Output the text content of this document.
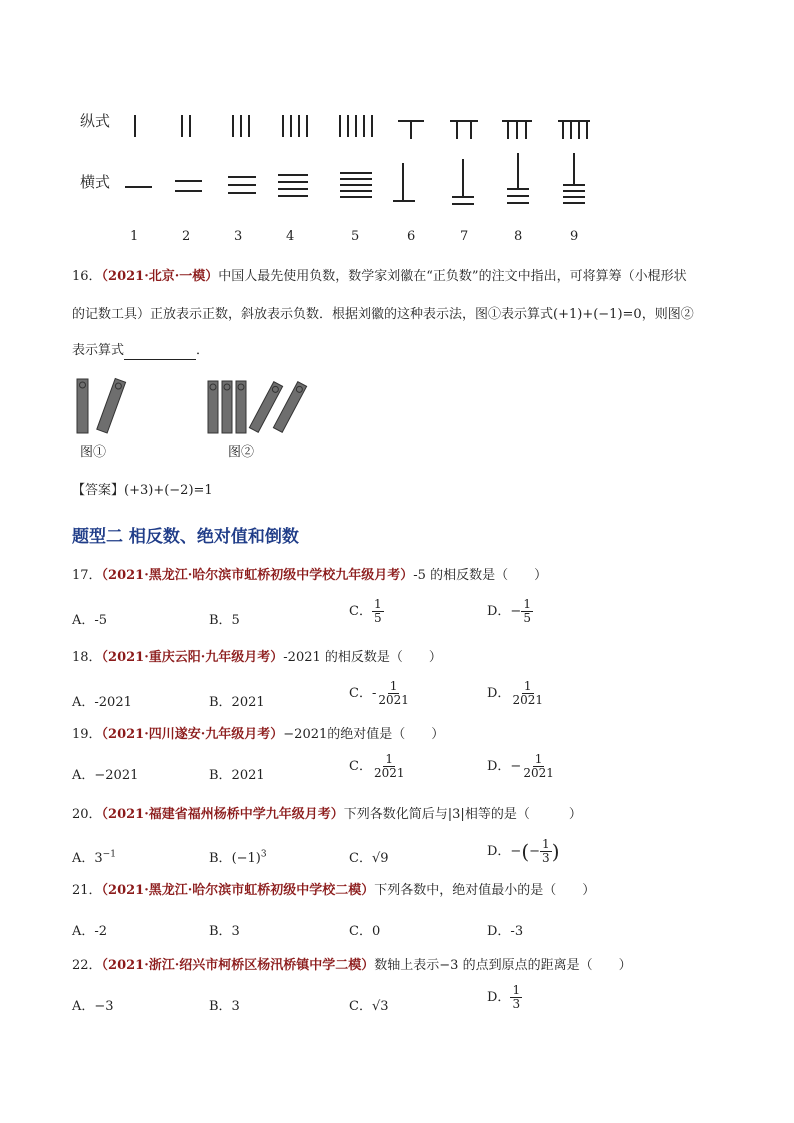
纵式
横式
1	2	3	4	5	6	7	8	9
16．（2021·北京·一模）中国人最先使用负数，数学家刘徽在“正负数”的注文中指出，可将算筹（小棍形状
的记数工具）正放表示正数，斜放表示负数．根据刘徽的这种表示法，图①表示算式(+1)+(−1)=0，则图②
表示算式	．
图①	图②
【答案】(+3)+(−2)=1
题型二 相反数、绝对值和倒数
17．（2021·黑龙江·哈尔滨市虹桥初级中学校九年级月考）-5 的相反数是（　　）
A．-5	B．5
C． $\frac{1}{5}$	D．− $\frac{1}{5}$
18．（2021·重庆云阳·九年级月考）-2021 的相反数是（　　）
A．-2021	B．2021
C．- $\frac{1}{2021}$	D． $\frac{1}{2021}$
19．（2021·四川遂安·九年级月考）−2021的绝对值是（　　）
A．−2021	B．2021
C． $\frac{1}{2021}$	D．− $\frac{1}{2021}$
20．（2021·福建省福州杨桥中学九年级月考）下列各数化简后与|3|相等的是（　　　）
A．$3^{-1}$	B．$(-1)^3$	C．√9	D．−(− $\frac{1}{3}$ )
21．（2021·黑龙江·哈尔滨市虹桥初级中学校二模）下列各数中，绝对值最小的是（　　）
A．-2	B．3	C．0	D．-3
22．（2021·浙江·绍兴市柯桥区杨汛桥镇中学二模）数轴上表示−3 的点到原点的距离是（　　）
A．−3	B．3	C．√3
D． $\frac{1}{3}$
